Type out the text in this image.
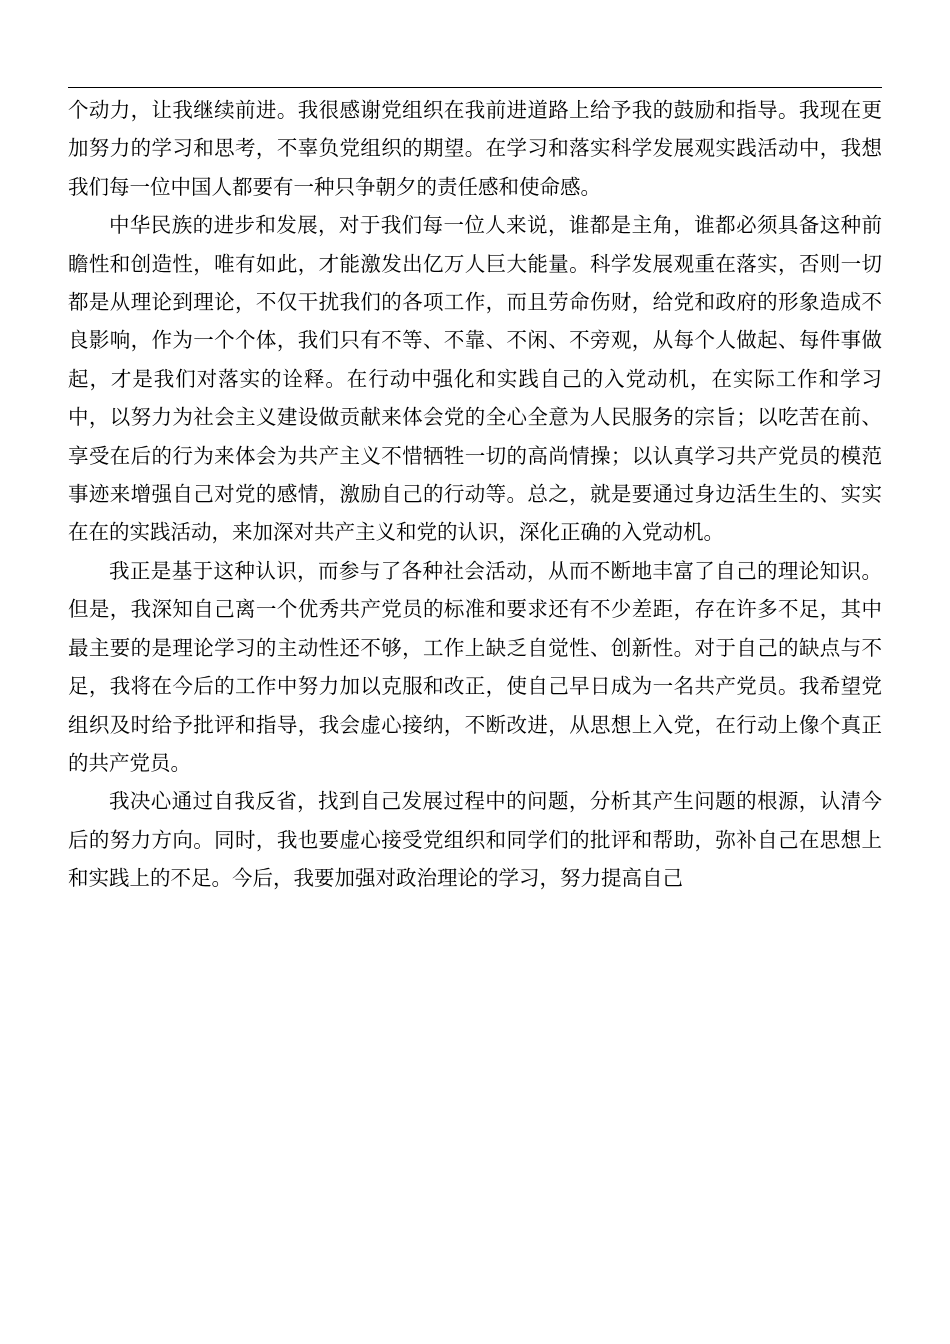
个动力，让我继续前进。我很感谢党组织在我前进道路上给予我的鼓励和指导。我现在更加努力的学习和思考，不辜负党组织的期望。在学习和落实科学发展观实践活动中，我想我们每一位中国人都要有一种只争朝夕的责任感和使命感。

中华民族的进步和发展，对于我们每一位人来说，谁都是主角，谁都必须具备这种前瞻性和创造性，唯有如此，才能激发出亿万人巨大能量。科学发展观重在落实，否则一切都是从理论到理论，不仅干扰我们的各项工作，而且劳命伤财，给党和政府的形象造成不良影响，作为一个个体，我们只有不等、不靠、不闲、不旁观，从每个人做起、每件事做起，才是我们对落实的诠释。在行动中强化和实践自己的入党动机，在实际工作和学习中，以努力为社会主义建设做贡献来体会党的全心全意为人民服务的宗旨；以吃苦在前、享受在后的行为来体会为共产主义不惜牺牲一切的高尚情操；以认真学习共产党员的模范事迹来增强自己对党的感情，激励自己的行动等。总之，就是要通过身边活生生的、实实在在的实践活动，来加深对共产主义和党的认识，深化正确的入党动机。

我正是基于这种认识，而参与了各种社会活动，从而不断地丰富了自己的理论知识。但是，我深知自己离一个优秀共产党员的标准和要求还有不少差距，存在许多不足，其中最主要的是理论学习的主动性还不够，工作上缺乏自觉性、创新性。对于自己的缺点与不足，我将在今后的工作中努力加以克服和改正，使自己早日成为一名共产党员。我希望党组织及时给予批评和指导，我会虚心接纳，不断改进，从思想上入党，在行动上像个真正的共产党员。

我决心通过自我反省，找到自己发展过程中的问题，分析其产生问题的根源，认清今后的努力方向。同时，我也要虚心接受党组织和同学们的批评和帮助，弥补自己在思想上和实践上的不足。今后，我要加强对政治理论的学习，努力提高自己
